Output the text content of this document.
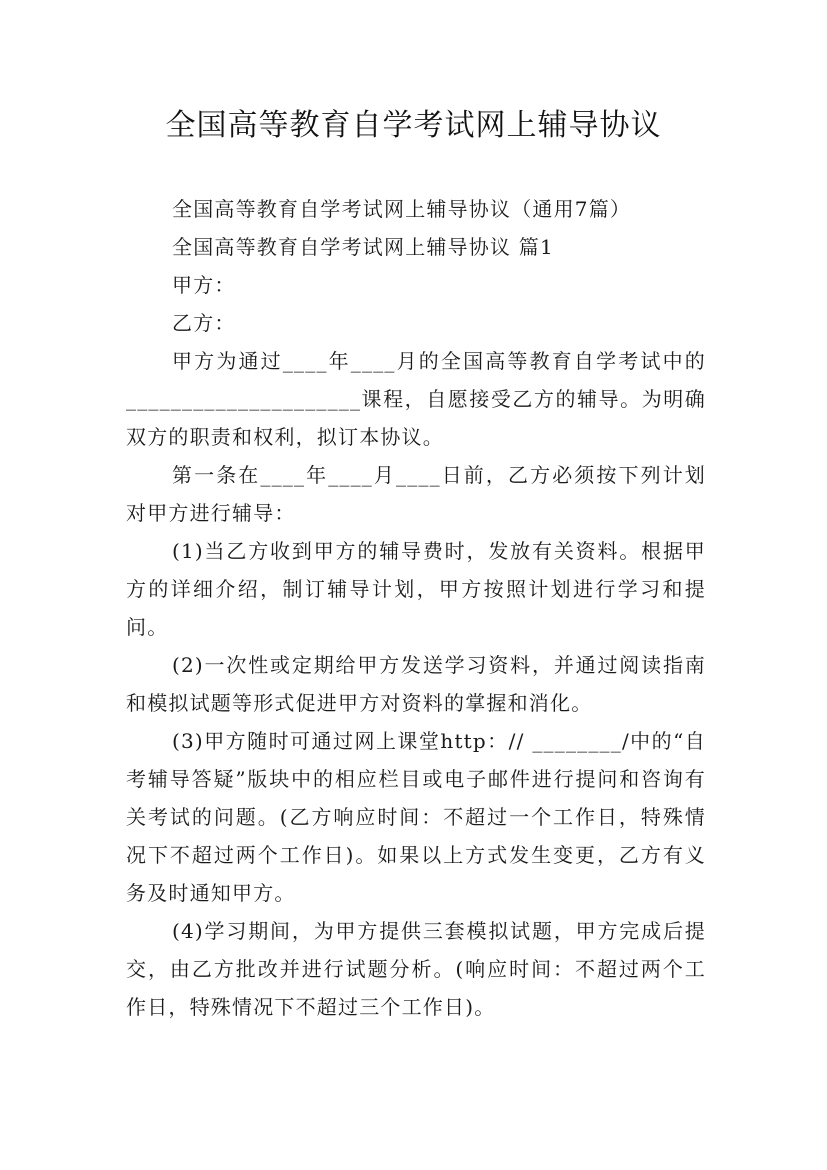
全国高等教育自学考试网上辅导协议

全国高等教育自学考试网上辅导协议（通用7篇）

全国高等教育自学考试网上辅导协议 篇1

甲方：

乙方：

甲方为通过____年____月的全国高等教育自学考试中的_____________________课程，自愿接受乙方的辅导。为明确双方的职责和权利，拟订本协议。

第一条在____年____月____日前，乙方必须按下列计划对甲方进行辅导：

(1)当乙方收到甲方的辅导费时，发放有关资料。根据甲方的详细介绍，制订辅导计划，甲方按照计划进行学习和提问。

(2)一次性或定期给甲方发送学习资料，并通过阅读指南和模拟试题等形式促进甲方对资料的掌握和消化。

(3)甲方随时可通过网上课堂http：// ________/中的“自考辅导答疑”版块中的相应栏目或电子邮件进行提问和咨询有关考试的问题。(乙方响应时间：不超过一个工作日，特殊情况下不超过两个工作日)。如果以上方式发生变更，乙方有义务及时通知甲方。

(4)学习期间，为甲方提供三套模拟试题，甲方完成后提交，由乙方批改并进行试题分析。(响应时间：不超过两个工作日，特殊情况下不超过三个工作日)。
